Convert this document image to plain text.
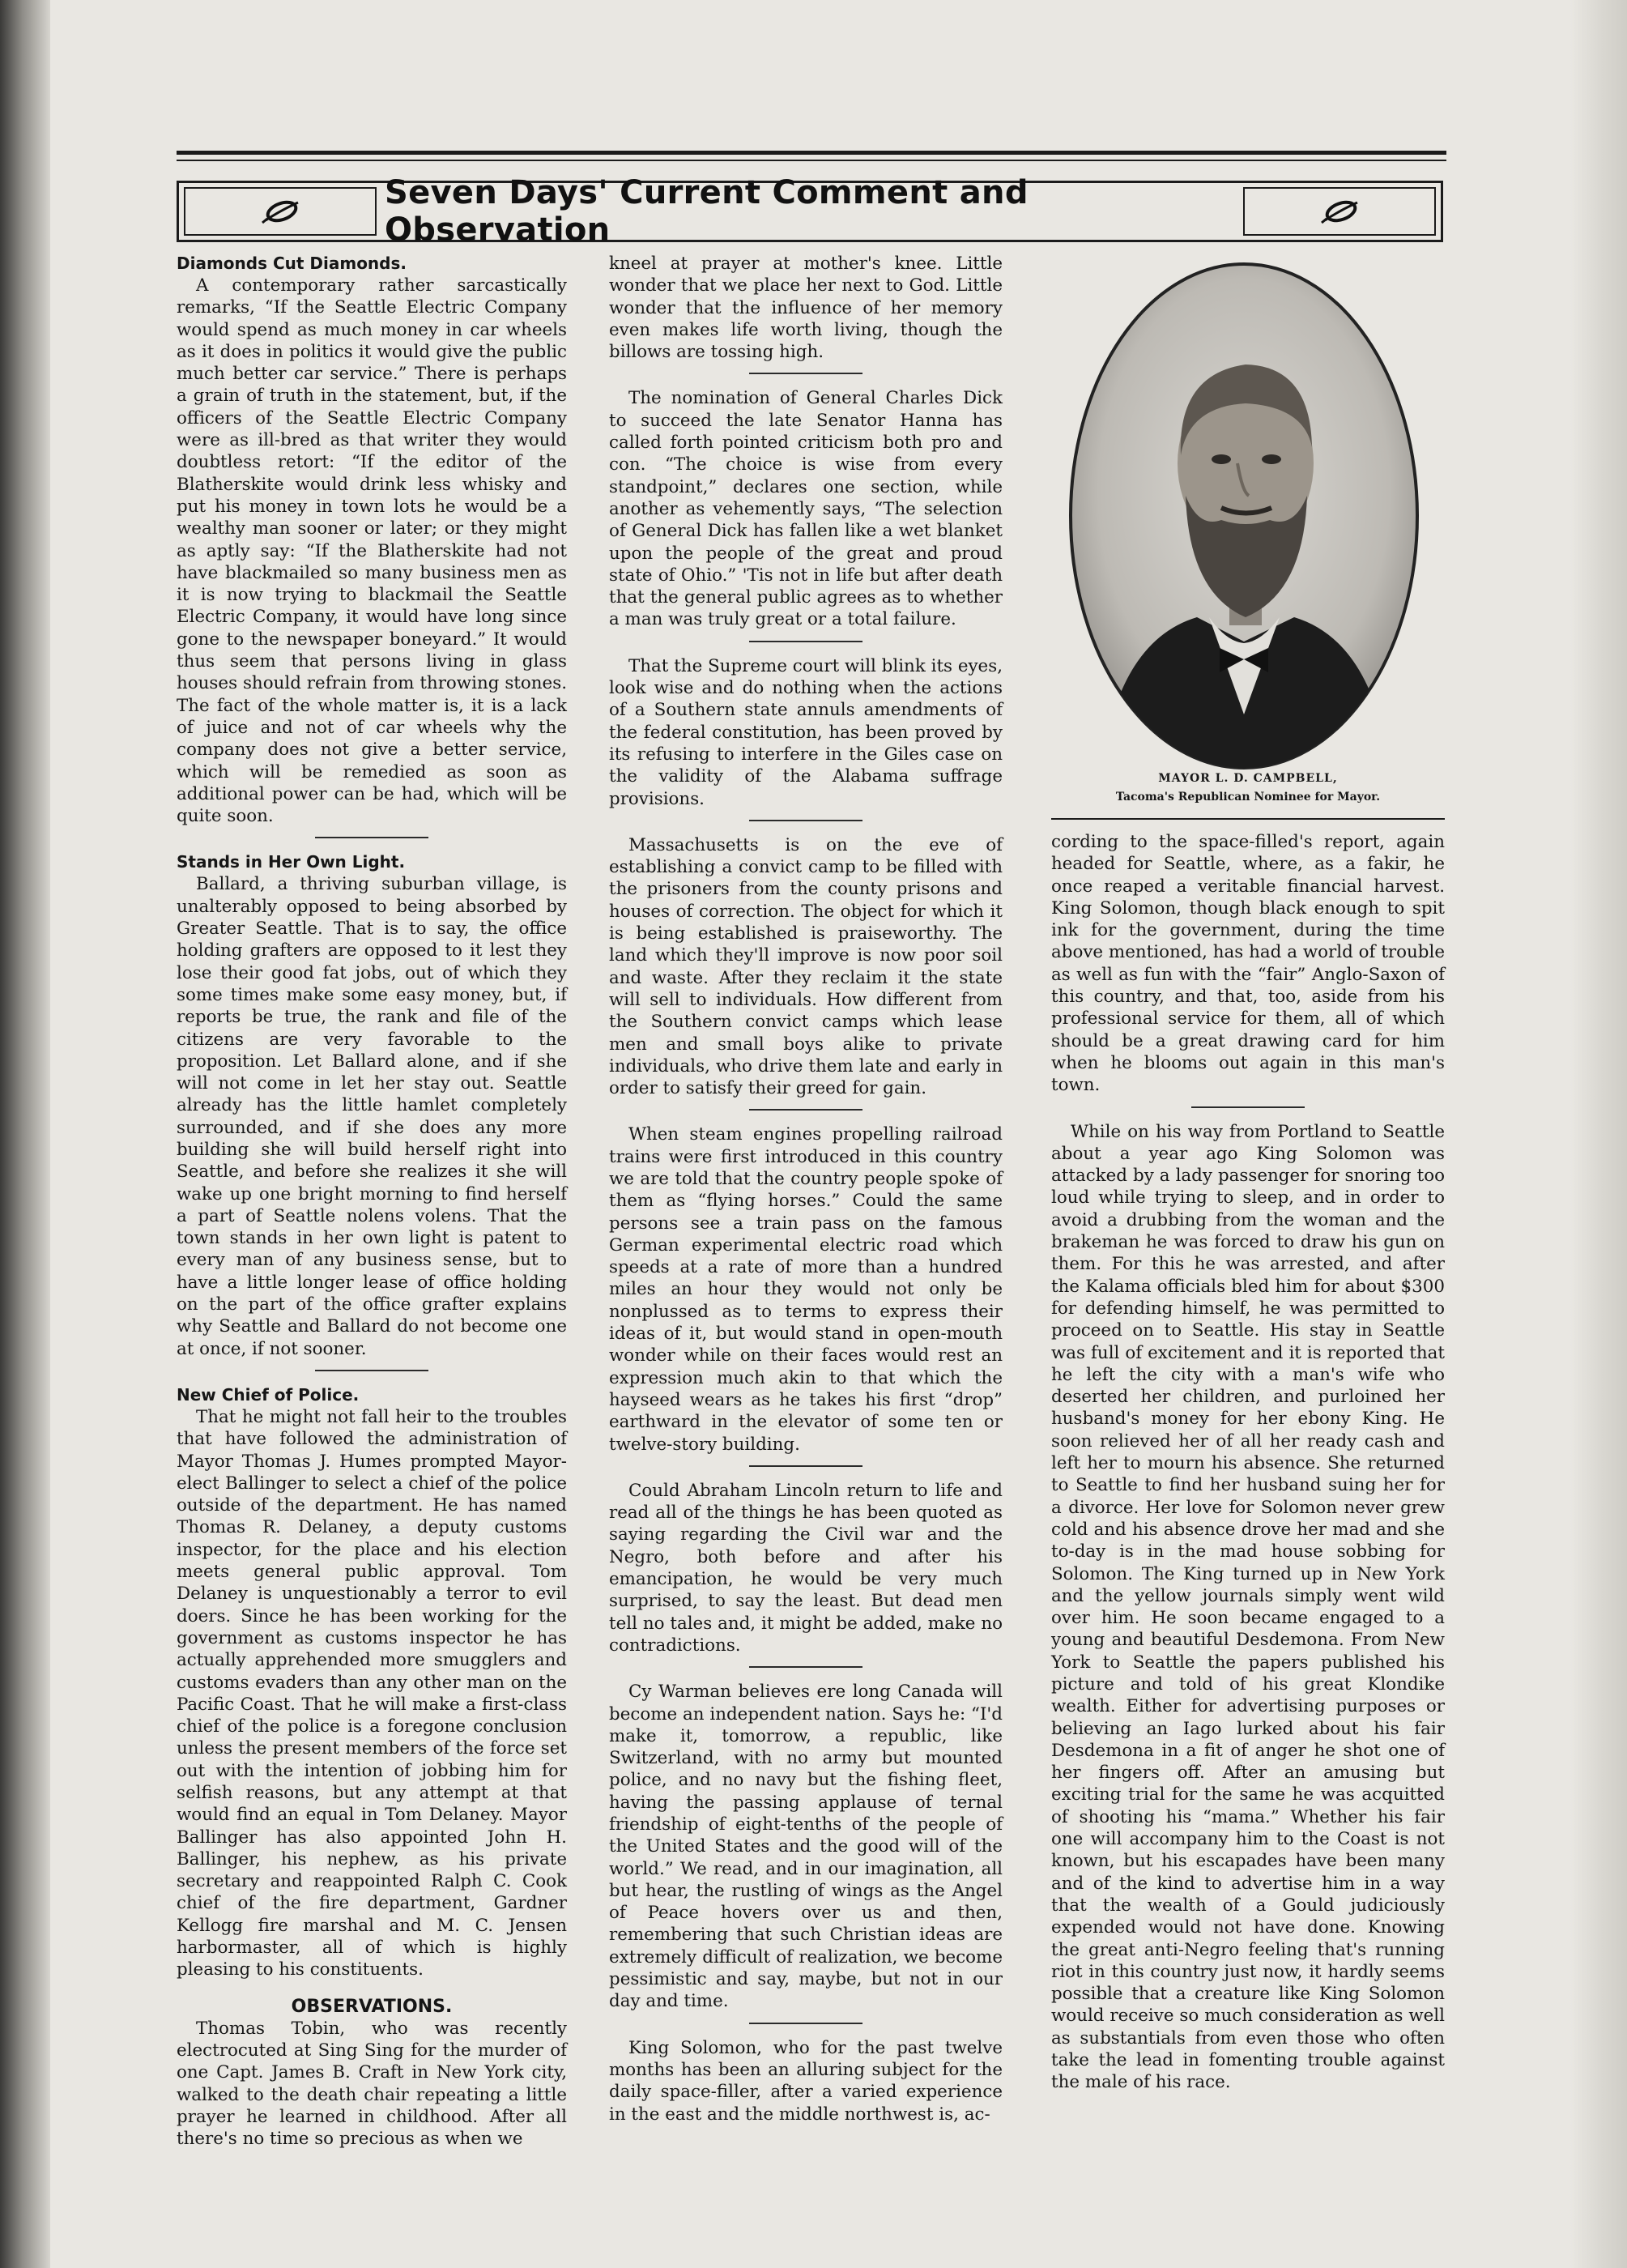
Seven Days' Current Comment and Observation
Diamonds Cut Diamonds.

A contemporary rather sarcastically remarks, “If the Seattle Electric Company would spend as much money in car wheels as it does in politics it would give the public much better car service.” There is perhaps a grain of truth in the statement, but, if the officers of the Seattle Electric Company were as ill-bred as that writer they would doubtless retort: “If the editor of the Blatherskite would drink less whisky and put his money in town lots he would be a wealthy man sooner or later; or they might as aptly say: “If the Blatherskite had not have blackmailed so many business men as it is now trying to blackmail the Seattle Electric Company, it would have long since gone to the newspaper boneyard.” It would thus seem that persons living in glass houses should refrain from throwing stones. The fact of the whole matter is, it is a lack of juice and not of car wheels why the company does not give a better service, which will be remedied as soon as additional power can be had, which will be quite soon.

Stands in Her Own Light.

Ballard, a thriving suburban village, is unalterably opposed to being absorbed by Greater Seattle. That is to say, the office holding grafters are opposed to it lest they lose their good fat jobs, out of which they some times make some easy money, but, if reports be true, the rank and file of the citizens are very favorable to the proposition. Let Ballard alone, and if she will not come in let her stay out. Seattle already has the little hamlet completely surrounded, and if she does any more building she will build herself right into Seattle, and before she realizes it she will wake up one bright morning to find herself a part of Seattle nolens volens. That the town stands in her own light is patent to every man of any business sense, but to have a little longer lease of office holding on the part of the office grafter explains why Seattle and Ballard do not become one at once, if not sooner.

New Chief of Police.

That he might not fall heir to the troubles that have followed the administration of Mayor Thomas J. Humes prompted Mayor-elect Ballinger to select a chief of the police outside of the department. He has named Thomas R. Delaney, a deputy customs inspector, for the place and his election meets general public approval. Tom Delaney is unquestionably a terror to evil doers. Since he has been working for the government as customs inspector he has actually apprehended more smugglers and customs evaders than any other man on the Pacific Coast. That he will make a first-class chief of the police is a foregone conclusion unless the present members of the force set out with the intention of jobbing him for selfish reasons, but any attempt at that would find an equal in Tom Delaney. Mayor Ballinger has also appointed John H. Ballinger, his nephew, as his private secretary and reappointed Ralph C. Cook chief of the fire department, Gardner Kellogg fire marshal and M. C. Jensen harbormaster, all of which is highly pleasing to his constituents.

OBSERVATIONS.

Thomas Tobin, who was recently electrocuted at Sing Sing for the murder of one Capt. James B. Craft in New York city, walked to the death chair repeating a little prayer he learned in childhood. After all there's no time so precious as when we

kneel at prayer at mother's knee. Little wonder that we place her next to God. Little wonder that the influence of her memory even makes life worth living, though the billows are tossing high.

The nomination of General Charles Dick to succeed the late Senator Hanna has called forth pointed criticism both pro and con. “The choice is wise from every standpoint,” declares one section, while another as vehemently says, “The selection of General Dick has fallen like a wet blanket upon the people of the great and proud state of Ohio.” 'Tis not in life but after death that the general public agrees as to whether a man was truly great or a total failure.

That the Supreme court will blink its eyes, look wise and do nothing when the actions of a Southern state annuls amendments of the federal constitution, has been proved by its refusing to interfere in the Giles case on the validity of the Alabama suffrage provisions.

Massachusetts is on the eve of establishing a convict camp to be filled with the prisoners from the county prisons and houses of correction. The object for which it is being established is praiseworthy. The land which they'll improve is now poor soil and waste. After they reclaim it the state will sell to individuals. How different from the Southern convict camps which lease men and small boys alike to private individuals, who drive them late and early in order to satisfy their greed for gain.

When steam engines propelling railroad trains were first introduced in this country we are told that the country people spoke of them as “flying horses.” Could the same persons see a train pass on the famous German experimental electric road which speeds at a rate of more than a hundred miles an hour they would not only be nonplussed as to terms to express their ideas of it, but would stand in open-mouth wonder while on their faces would rest an expression much akin to that which the hayseed wears as he takes his first “drop” earthward in the elevator of some ten or twelve-story building.

Could Abraham Lincoln return to life and read all of the things he has been quoted as saying regarding the Civil war and the Negro, both before and after his emancipation, he would be very much surprised, to say the least. But dead men tell no tales and, it might be added, make no contradictions.

Cy Warman believes ere long Canada will become an independent nation. Says he: “I'd make it, tomorrow, a republic, like Switzerland, with no army but mounted police, and no navy but the fishing fleet, having the passing applause of ternal friendship of eight-tenths of the people of the United States and the good will of the world.” We read, and in our imagination, all but hear, the rustling of wings as the Angel of Peace hovers over us and then, remembering that such Christian ideas are extremely difficult of realization, we become pessimistic and say, maybe, but not in our day and time.

King Solomon, who for the past twelve months has been an alluring subject for the daily space-filler, after a varied experience in the east and the middle northwest is, ac-

MAYOR L. D. CAMPBELL,
Tacoma's Republican Nominee for Mayor.

cording to the space-filled's report, again headed for Seattle, where, as a fakir, he once reaped a veritable financial harvest. King Solomon, though black enough to spit ink for the government, during the time above mentioned, has had a world of trouble as well as fun with the “fair” Anglo-Saxon of this country, and that, too, aside from his professional service for them, all of which should be a great drawing card for him when he blooms out again in this man's town.

While on his way from Portland to Seattle about a year ago King Solomon was attacked by a lady passenger for snoring too loud while trying to sleep, and in order to avoid a drubbing from the woman and the brakeman he was forced to draw his gun on them. For this he was arrested, and after the Kalama officials bled him for about $300 for defending himself, he was permitted to proceed on to Seattle. His stay in Seattle was full of excitement and it is reported that he left the city with a man's wife who deserted her children, and purloined her husband's money for her ebony King. He soon relieved her of all her ready cash and left her to mourn his absence. She returned to Seattle to find her husband suing her for a divorce. Her love for Solomon never grew cold and his absence drove her mad and she to-day is in the mad house sobbing for Solomon. The King turned up in New York and the yellow journals simply went wild over him. He soon became engaged to a young and beautiful Desdemona. From New York to Seattle the papers published his picture and told of his great Klondike wealth. Either for advertising purposes or believing an Iago lurked about his fair Desdemona in a fit of anger he shot one of her fingers off. After an amusing but exciting trial for the same he was acquitted of shooting his “mama.” Whether his fair one will accompany him to the Coast is not known, but his escapades have been many and of the kind to advertise him in a way that the wealth of a Gould judiciously expended would not have done. Knowing the great anti-Negro feeling that's running riot in this country just now, it hardly seems possible that a creature like King Solomon would receive so much consideration as well as substantials from even those who often take the lead in fomenting trouble against the male of his race.
